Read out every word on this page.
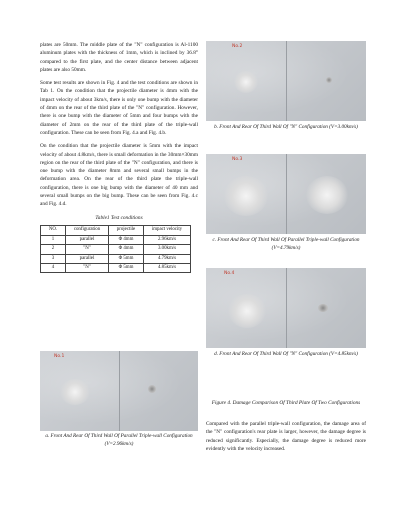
plates are 50mm. The middle plate of the "N" configuration is Al-1100 aluminum plates with the thickness of 1mm, which is inclined by 36.8° compared to the first plate, and the center distance between adjacent plates are also 50mm.

Some test results are shown in Fig. 4 and the test conditions are shown in Tab 1. On the condition that the projectile diameter is 4mm with the impact velocity of about 3km/s, there is only one bump with the diameter of 4mm on the rear of the third plate of the "N" configuration. However, there is one bump with the diameter of 5mm and four bumps with the diameter of 2mm on the rear of the third plate of the triple-wall configuration. These can be seen from Fig. 4.a and Fig. 4.b.

On the condition that the projectile diameter is 5mm with the impact velocity of about 4.8km/s, there is small deformation in the 30mm×30mm region on the rear of the third plate of the "N" configuration, and there is one bump with the diameter 8mm and several small bumps in the deformation area. On the rear of the third plate the triple-wall configuration, there is one big bump with the diameter of 40 mm and several small bumps on the big bump. These can be seen from Fig. 4.c and Fig. 4.d.

Table1 Test conditions
NO.	configuration	projectile	impact velocity
1	parallel	Φ 4mm	2.96km/s
2	"N"	Φ 4mm	3.00km/s
3	parallel	Φ 5mm	4.79km/s
4	"N"	Φ 5mm	4.85km/s
No.1
a. Front And Rear Of Third Wall Of Parallel Triple-wall Configuration (V=2.96km/s)
No.2
b. Front And Rear Of Third Wall Of "N" Configuration (V=3.00km/s)
No.3
c. Front And Rear Of Third Wall Of Parallel Triple-wall Configuration (V=4.79km/s)
No.4
d. Front And Rear Of Third Wall Of "N" Configuration (V=4.85km/s)
Figure 4. Damage Comparison Of Third Plate Of Two Configurations

Compared with the parallel triple-wall configuration, the damage area of the "N" configuration's rear plate is larger, however, the damage degree is reduced significantly. Especially, the damage degree is reduced more evidently with the velocity increased.
